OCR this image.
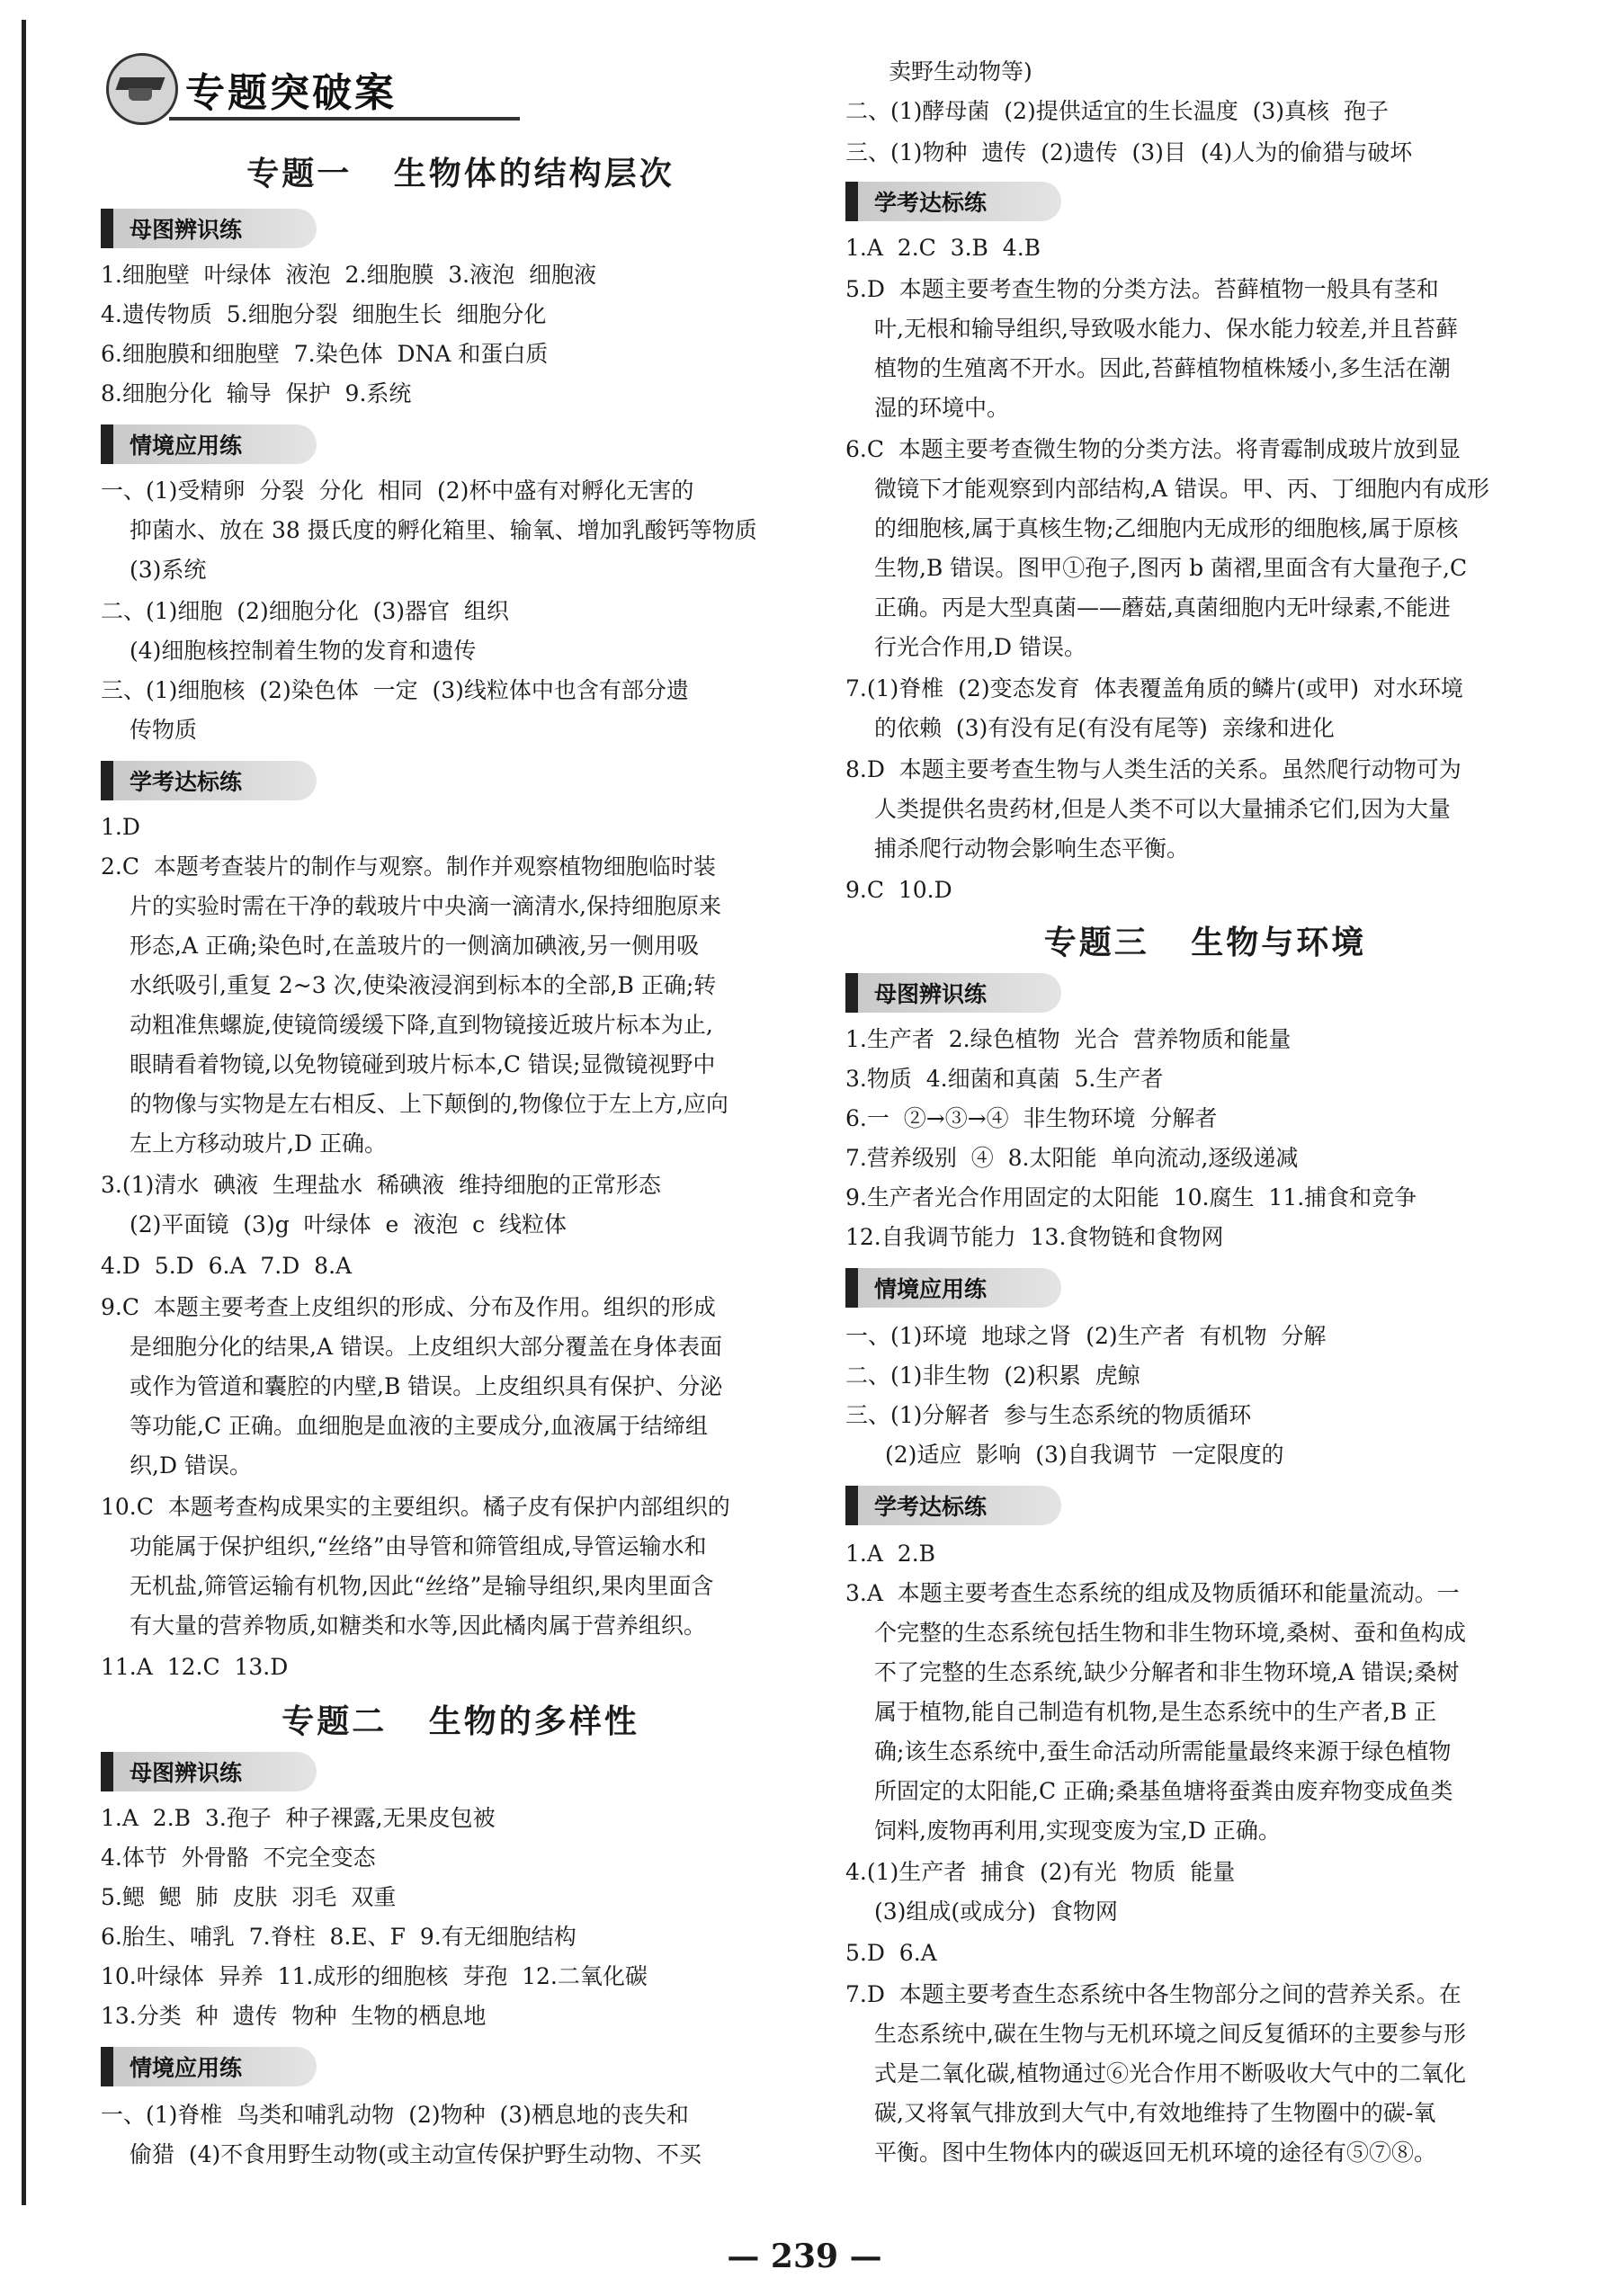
专题突破案
专题一   生物体的结构层次
母图辨识练
1.细胞壁  叶绿体  液泡  2.细胞膜  3.液泡  细胞液
4.遗传物质  5.细胞分裂  细胞生长  细胞分化
6.细胞膜和细胞壁  7.染色体  DNA 和蛋白质
8.细胞分化  输导  保护  9.系统
情境应用练
一、(1)受精卵  分裂  分化  相同  (2)杯中盛有对孵化无害的
抑菌水、放在 38 摄氏度的孵化箱里、输氧、增加乳酸钙等物质
(3)系统
二、(1)细胞  (2)细胞分化  (3)器官  组织
(4)细胞核控制着生物的发育和遗传
三、(1)细胞核  (2)染色体  一定  (3)线粒体中也含有部分遗
传物质
学考达标练
1.D
2.C  本题考查装片的制作与观察。制作并观察植物细胞临时装
片的实验时需在干净的载玻片中央滴一滴清水,保持细胞原来
形态,A 正确;染色时,在盖玻片的一侧滴加碘液,另一侧用吸
水纸吸引,重复 2~3 次,使染液浸润到标本的全部,B 正确;转
动粗准焦螺旋,使镜筒缓缓下降,直到物镜接近玻片标本为止,
眼睛看着物镜,以免物镜碰到玻片标本,C 错误;显微镜视野中
的物像与实物是左右相反、上下颠倒的,物像位于左上方,应向
左上方移动玻片,D 正确。
3.(1)清水  碘液  生理盐水  稀碘液  维持细胞的正常形态
(2)平面镜  (3)g  叶绿体  e  液泡  c  线粒体
4.D  5.D  6.A  7.D  8.A
9.C  本题主要考查上皮组织的形成、分布及作用。组织的形成
是细胞分化的结果,A 错误。上皮组织大部分覆盖在身体表面
或作为管道和囊腔的内壁,B 错误。上皮组织具有保护、分泌
等功能,C 正确。血细胞是血液的主要成分,血液属于结缔组
织,D 错误。
10.C  本题考查构成果实的主要组织。橘子皮有保护内部组织的
功能属于保护组织,“丝络”由导管和筛管组成,导管运输水和
无机盐,筛管运输有机物,因此“丝络”是输导组织,果肉里面含
有大量的营养物质,如糖类和水等,因此橘肉属于营养组织。
11.A  12.C  13.D
专题二   生物的多样性
母图辨识练
1.A  2.B  3.孢子  种子裸露,无果皮包被
4.体节  外骨骼  不完全变态
5.鳃  鳃  肺  皮肤  羽毛  双重
6.胎生、哺乳  7.脊柱  8.E、F  9.有无细胞结构
10.叶绿体  异养  11.成形的细胞核  芽孢  12.二氧化碳
13.分类  种  遗传  物种  生物的栖息地
情境应用练
一、(1)脊椎  鸟类和哺乳动物  (2)物种  (3)栖息地的丧失和
偷猎  (4)不食用野生动物(或主动宣传保护野生动物、不买
卖野生动物等)
二、(1)酵母菌  (2)提供适宜的生长温度  (3)真核  孢子
三、(1)物种  遗传  (2)遗传  (3)目  (4)人为的偷猎与破坏
学考达标练
1.A  2.C  3.B  4.B
5.D  本题主要考查生物的分类方法。苔藓植物一般具有茎和
叶,无根和输导组织,导致吸水能力、保水能力较差,并且苔藓
植物的生殖离不开水。因此,苔藓植物植株矮小,多生活在潮
湿的环境中。
6.C  本题主要考查微生物的分类方法。将青霉制成玻片放到显
微镜下才能观察到内部结构,A 错误。甲、丙、丁细胞内有成形
的细胞核,属于真核生物;乙细胞内无成形的细胞核,属于原核
生物,B 错误。图甲①孢子,图丙 b 菌褶,里面含有大量孢子,C
正确。丙是大型真菌——蘑菇,真菌细胞内无叶绿素,不能进
行光合作用,D 错误。
7.(1)脊椎  (2)变态发育  体表覆盖角质的鳞片(或甲)  对水环境
的依赖  (3)有没有足(有没有尾等)  亲缘和进化
8.D  本题主要考查生物与人类生活的关系。虽然爬行动物可为
人类提供名贵药材,但是人类不可以大量捕杀它们,因为大量
捕杀爬行动物会影响生态平衡。
9.C  10.D
专题三   生物与环境
母图辨识练
1.生产者  2.绿色植物  光合  营养物质和能量
3.物质  4.细菌和真菌  5.生产者
6.一  ②→③→④  非生物环境  分解者
7.营养级别  ④  8.太阳能  单向流动,逐级递减
9.生产者光合作用固定的太阳能  10.腐生  11.捕食和竞争
12.自我调节能力  13.食物链和食物网
情境应用练
一、(1)环境  地球之肾  (2)生产者  有机物  分解
二、(1)非生物  (2)积累  虎鲸
三、(1)分解者  参与生态系统的物质循环
(2)适应  影响  (3)自我调节  一定限度的
学考达标练
1.A  2.B
3.A  本题主要考查生态系统的组成及物质循环和能量流动。一
个完整的生态系统包括生物和非生物环境,桑树、蚕和鱼构成
不了完整的生态系统,缺少分解者和非生物环境,A 错误;桑树
属于植物,能自己制造有机物,是生态系统中的生产者,B 正
确;该生态系统中,蚕生命活动所需能量最终来源于绿色植物
所固定的太阳能,C 正确;桑基鱼塘将蚕粪由废弃物变成鱼类
饲料,废物再利用,实现变废为宝,D 正确。
4.(1)生产者  捕食  (2)有光  物质  能量
(3)组成(或成分)  食物网
5.D  6.A
7.D  本题主要考查生态系统中各生物部分之间的营养关系。在
生态系统中,碳在生物与无机环境之间反复循环的主要参与形
式是二氧化碳,植物通过⑥光合作用不断吸收大气中的二氧化
碳,又将氧气排放到大气中,有效地维持了生物圈中的碳-氧
平衡。图中生物体内的碳返回无机环境的途径有⑤⑦⑧。
— 239 —
